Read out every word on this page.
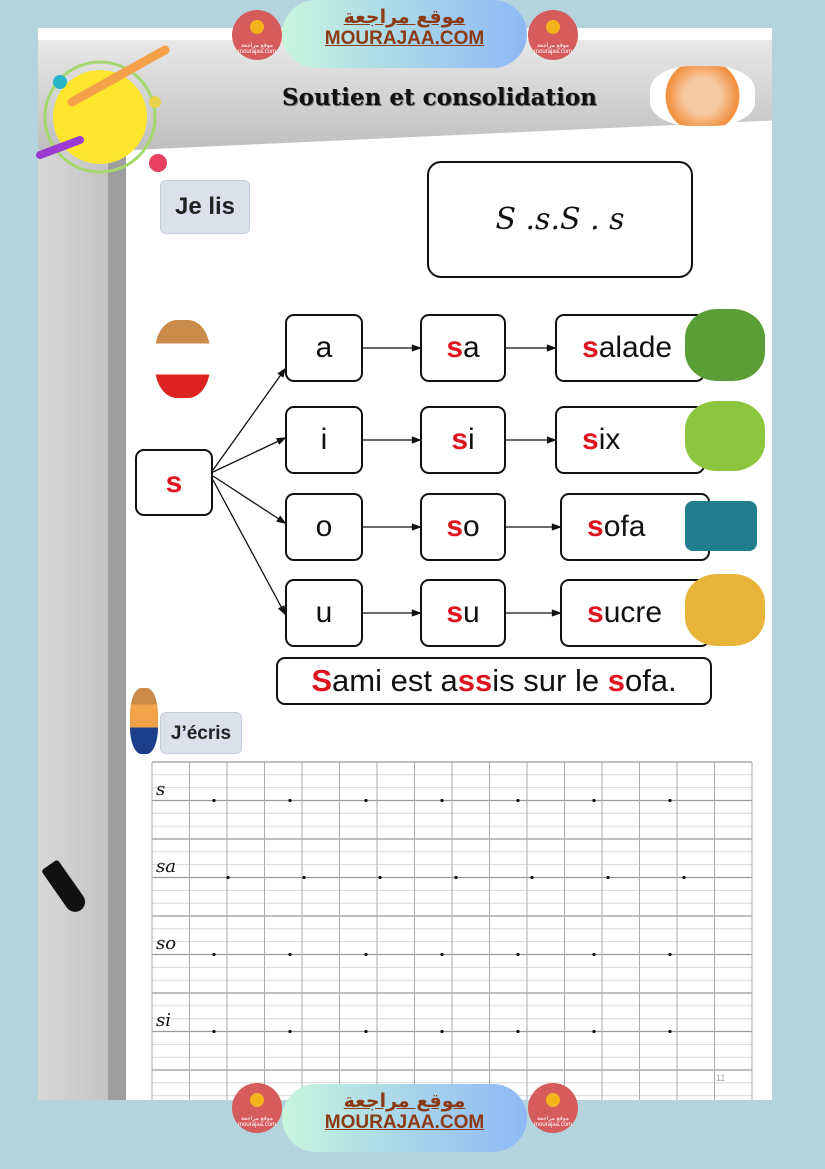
موقع مراجعة
MOURAJAA.COM
موقع مراجعة mourajaa.com
موقع مراجعة mourajaa.com
Soutien et consolidation
Je lis	S .s.S . s
s
a	s a	s alade
i	s i	s ix
o	s o	s ofa
u	s u	s ucre
Sami est assis sur le sofa.
J’écris
s
sa
so
si
11
موقع مراجعة
MOURAJAA.COM
موقع مراجعة mourajaa.com
موقع مراجعة mourajaa.com
